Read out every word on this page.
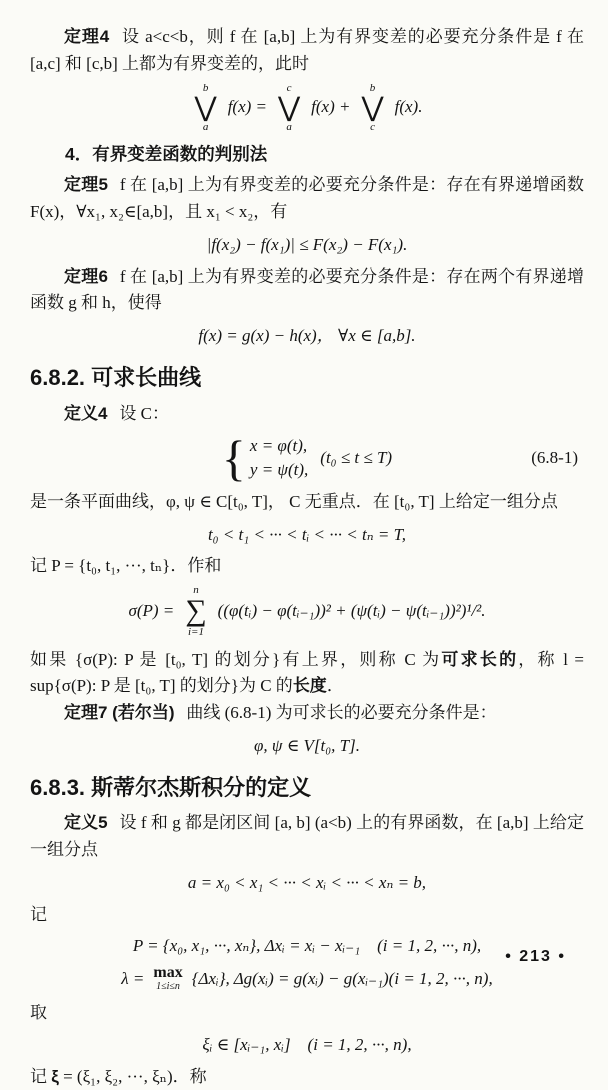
定理4 设 a<c<b，则 f 在 [a,b] 上为有界变差的必要充分条件是 f 在 [a,c] 和 [c,b] 上都为有界变差的，此时

b
⋁
a
f(x) =
c
⋁
a
f(x) +
b
⋁
c
f(x).
4．有界变差函数的判别法

定理5 f 在 [a,b] 上为有界变差的必要充分条件是：存在有界递增函数 F(x)，∀x₁, x₂∈[a,b]，且 x₁ < x₂，有

|f(x₂) − f(x₁)| ≤ F(x₂) − F(x₁).

定理6 f 在 [a,b] 上为有界变差的必要充分条件是：存在两个有界递增函数 g 和 h，使得

f(x) = g(x) − h(x)， ∀x ∈ [a,b].
6.8.2. 可求长曲线

定义4 设 C：

{ x = φ(t),
y = ψ(t),
(t₀ ≤ t ≤ T)	(6.8-1)

是一条平面曲线，φ, ψ ∈ C[t₀, T]， C 无重点．在 [t₀, T] 上给定一组分点

t₀ < t₁ < ··· < tᵢ < ··· < tₙ = T,

记 P = {t₀, t₁, ···, tₙ}．作和

σ(P) =
n
∑
i=1
((φ(tᵢ) − φ(tᵢ₋₁))² + (ψ(tᵢ) − ψ(tᵢ₋₁))²)¹/².

如果 {σ(P): P 是 [t₀, T] 的划分}有上界，则称 C 为可求长的，称 l = sup{σ(P): P 是 [t₀, T] 的划分}为 C 的长度．

定理7 (若尔当) 曲线 (6.8-1) 为可求长的必要充分条件是：

φ, ψ ∈ V[t₀, T].
6.8.3. 斯蒂尔杰斯积分的定义

定义5 设 f 和 g 都是闭区间 [a, b] (a<b) 上的有界函数，在 [a,b] 上给定一组分点

a = x₀ < x₁ < ··· < xᵢ < ··· < xₙ = b,

记

P = {x₀, x₁, ···, xₙ}, Δxᵢ = xᵢ − xᵢ₋₁　(i = 1, 2, ···, n),
λ = max
1≤i≤n {Δxᵢ}, Δg(xᵢ) = g(xᵢ) − g(xᵢ₋₁)(i = 1, 2, ···, n),

取

ξᵢ ∈ [xᵢ₋₁, xᵢ]　(i = 1, 2, ···, n),

记 ξ = (ξ₁, ξ₂, ···, ξₙ)．称

• 213 •
